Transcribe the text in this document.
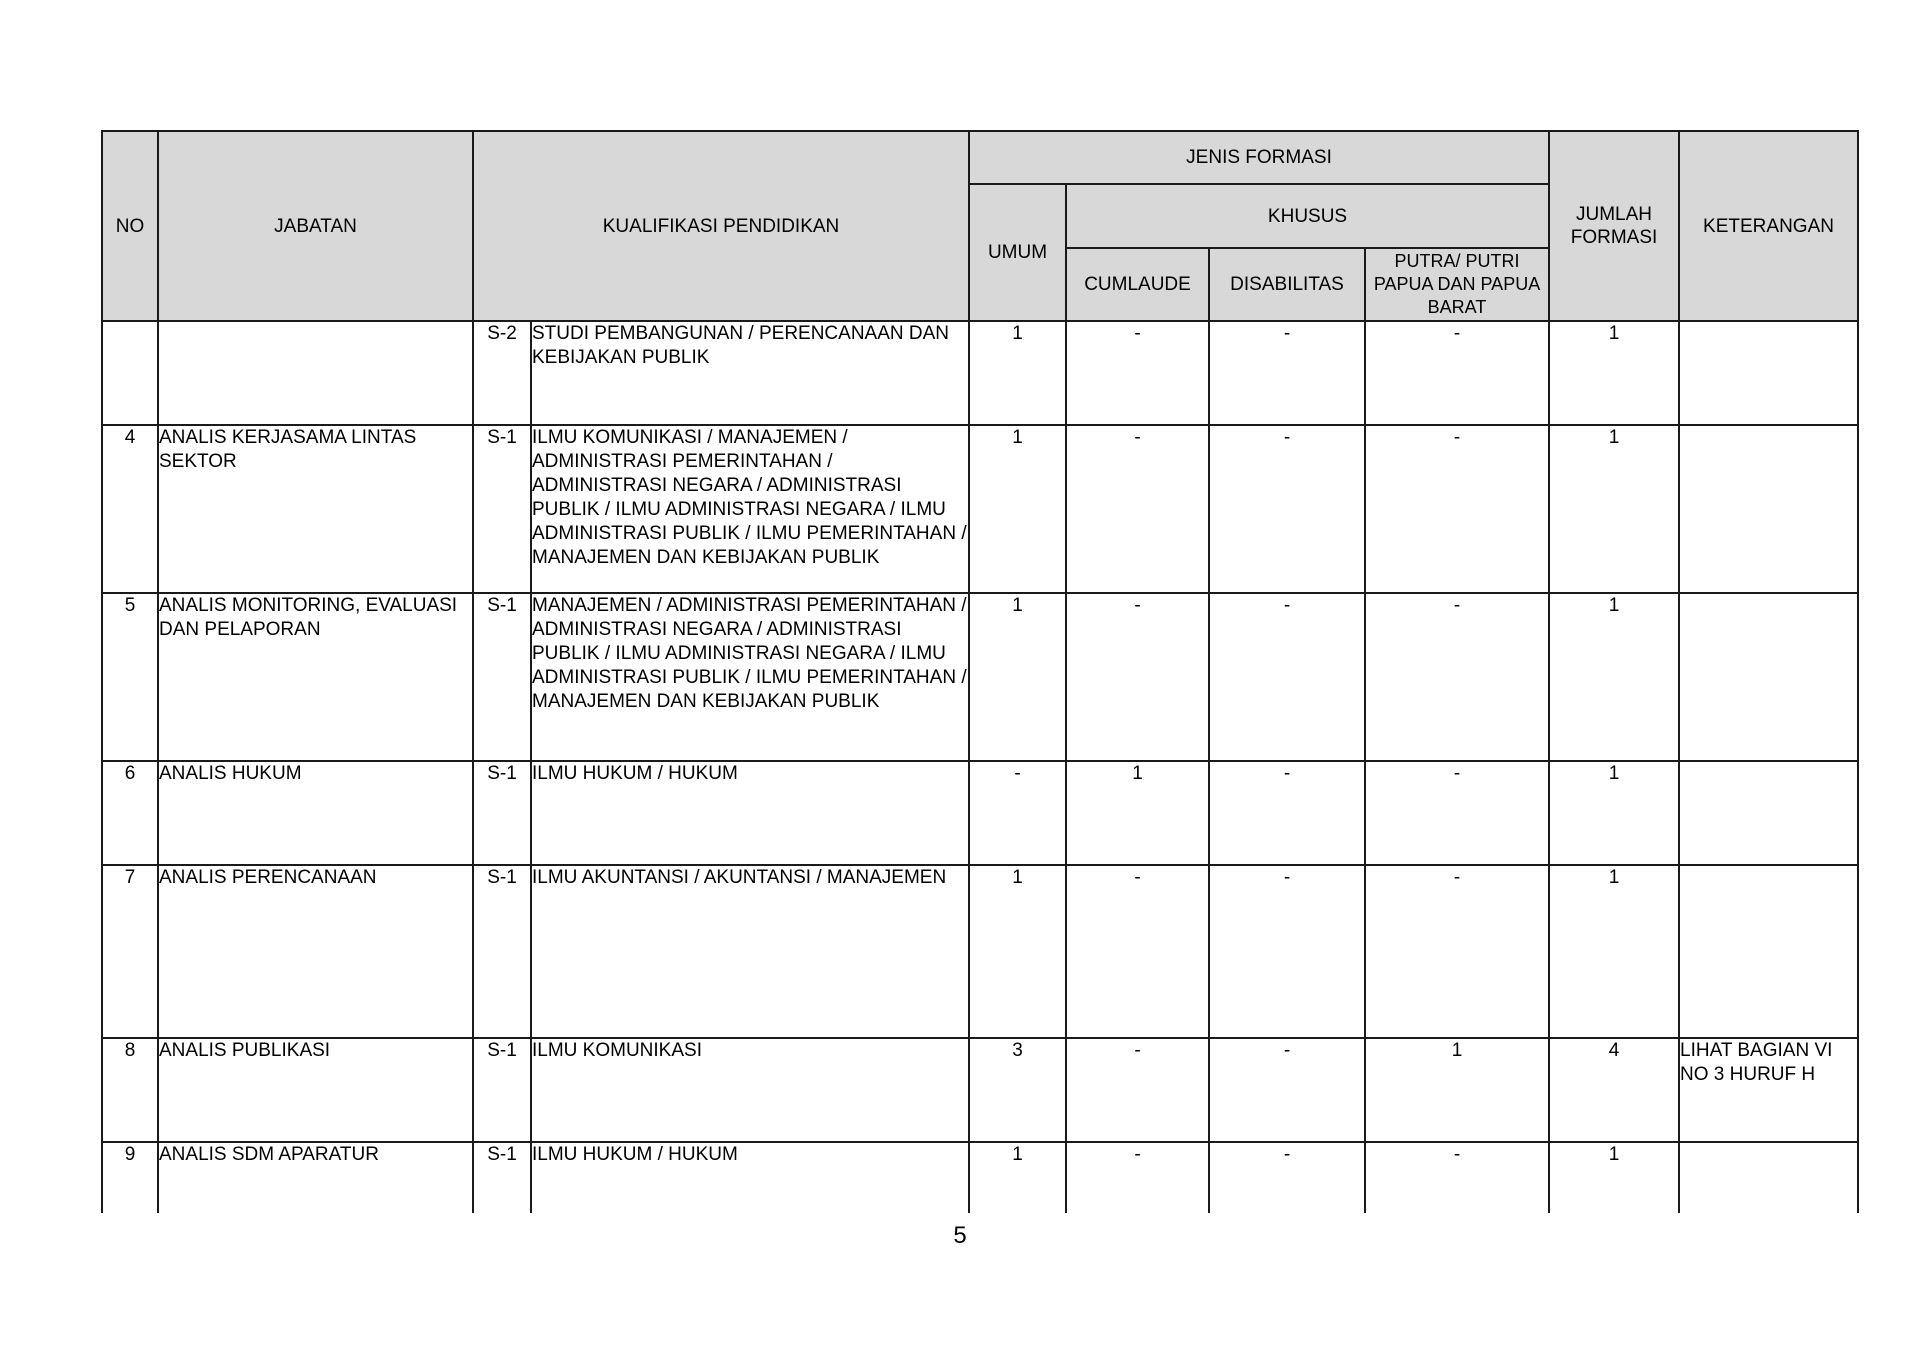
NO	JABATAN	KUALIFIKASI PENDIDIKAN		JENIS FORMASI				JUMLAH FORMASI	KETERANGAN
				UMUM	KHUSUS				
					CUMLAUDE	DISABILITAS	PUTRA/ PUTRI PAPUA DAN PAPUA BARAT		
		S-2	STUDI PEMBANGUNAN / PERENCANAAN DAN KEBIJAKAN PUBLIK	1	-	-	-	1	
4	ANALIS KERJASAMA LINTAS SEKTOR	S-1	ILMU KOMUNIKASI / MANAJEMEN / ADMINISTRASI PEMERINTAHAN / ADMINISTRASI NEGARA / ADMINISTRASI PUBLIK / ILMU ADMINISTRASI NEGARA / ILMU ADMINISTRASI PUBLIK / ILMU PEMERINTAHAN / MANAJEMEN DAN KEBIJAKAN PUBLIK	1	-	-	-	1	
5	ANALIS MONITORING, EVALUASI DAN PELAPORAN	S-1	MANAJEMEN / ADMINISTRASI PEMERINTAHAN / ADMINISTRASI NEGARA / ADMINISTRASI PUBLIK / ILMU ADMINISTRASI NEGARA / ILMU ADMINISTRASI PUBLIK / ILMU PEMERINTAHAN / MANAJEMEN DAN KEBIJAKAN PUBLIK	1	-	-	-	1	
6	ANALIS HUKUM	S-1	ILMU HUKUM / HUKUM	-	1	-	-	1	
7	ANALIS PERENCANAAN	S-1	ILMU AKUNTANSI / AKUNTANSI / MANAJEMEN	1	-	-	-	1	
8	ANALIS PUBLIKASI	S-1	ILMU KOMUNIKASI	3	-	-	1	4	LIHAT BAGIAN VI NO 3 HURUF H
9	ANALIS SDM APARATUR	S-1	ILMU HUKUM / HUKUM	1	-	-	-	1	
5
